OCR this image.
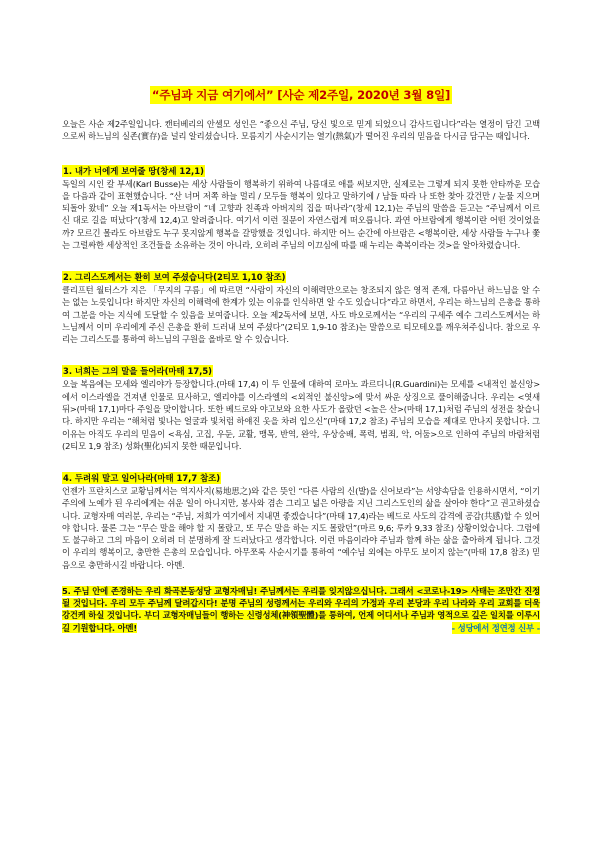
“주님과 지금 여기에서” [사순 제2주일, 2020년 3월 8일]

오늘은 사순 제2주일입니다. 캔터베리의 안셀모 성인은 “좋으신 주님, 당신 빛으로 믿게 되었으니 감사드립니다”라는 열정이 담긴 고백으로써 하느님의 실존(實存)을 널리 알리셨습니다. 모름지기 사순시기는 열기(熱氣)가 떨어진 우리의 믿음을 다시금 담구는 때입니다.

1. 내가 너에게 보여줄 땅(창세 12,1)

독일의 시인 칼 부세(Karl Busse)는 세상 사람들이 행복하기 위하여 나름대로 애를 써보지만, 실제로는 그렇게 되지 못한 안타까운 모습을 다음과 같이 표현했습니다. “산 너머 저쪽 하늘 멀리 / 모두들 행복이 있다고 말하기에 / 남들 따라 나 또한 찾아 갔건만 / 눈물 지으며 되돌아 왔네” 오늘 제1독서는 아브람이 “네 고향과 친족과 아버지의 집을 떠나라”(창세 12,1)는 주님의 말씀을 듣고는 “주님께서 이르신 대로 길을 떠났다”(창세 12,4)고 알려줍니다. 여기서 이런 질문이 자연스럽게 떠오릅니다. 과연 아브람에게 행복이란 어떤 것이었을까? 모르긴 몰라도 아브람도 누구 못지않게 행복을 갈망했을 것입니다. 하지만 어느 순간에 아브람은 <행복이란, 세상 사람들 누구나 쫓는 그럴싸한 세상적인 조건들을 소유하는 것이 아니라, 오히려 주님의 이끄심에 따를 때 누리는 축복이라는 것>을 알아차렸습니다.

2. 그리스도께서는 환히 보여 주셨습니다(2티모 1,10 참조)

클리프턴 월터스가 지은 「무지의 구름」에 따르면 “사람이 자신의 이해력만으로는 창조되지 않은 영적 존재, 다름아닌 하느님을 알 수는 없는 노릇입니다! 하지만 자신의 이해력에 한계가 있는 이유를 인식하면 알 수도 있습니다”라고 하면서, 우리는 하느님의 은총을 통하여 그분을 아는 지식에 도달할 수 있음을 보여줍니다. 오늘 제2독서에 보면, 사도 바오로께서는 “우리의 구세주 예수 그리스도께서는 하느님께서 이미 우리에게 주신 은총을 환히 드러내 보여 주셨다”(2티모 1,9-10 참조)는 말씀으로 티모테오를 깨우쳐주십니다. 참으로 우리는 그리스도를 통하여 하느님의 구원을 올바로 알 수 있습니다.

3. 너희는 그의 말을 들어라(마태 17,5)

오늘 복음에는 모세와 엘리야가 등장합니다.(마태 17,4) 이 두 인물에 대하여 로마노 과르디니(R.Guardini)는 모세를 <내적인 불신앙>에서 이스라엘을 건져낸 인물로 묘사하고, 엘리야를 이스라엘의 <외적인 불신앙>에 맞서 싸운 상징으로 풀이해줍니다. 우리는 <엿새 뒤>(마태 17,1)마다 주일을 맞이합니다. 또한 베드로와 야고보와 요한 사도가 올랐던 <높은 산>(마태 17,1)처럼 주님의 성전을 찾습니다. 하지만 우리는 “해처럼 빛나는 얼굴과 빛처럼 하얘진 옷을 차려 입으신”(마태 17,2 참조) 주님의 모습을 제대로 만나지 못합니다. 그 이유는 아직도 우리의 믿음이 <욕심, 고집, 우둔, 교활, 맹목, 반역, 완악, 우상숭배, 폭력, 범죄, 악, 어둠>으로 인하여 주님의 바람처럼(2티모 1,9 참조) 성화(聖化)되지 못한 때문입니다.

4. 두려워 말고 일어나라(마태 17,7 참조)

언젠가 프란치스코 교황님께서는 역지사지(易地思之)와 같은 뜻인 “다른 사람의 신(발)을 신어보라”는 서양속담을 인용하시면서, “이기주의에 노예가 된 우리에게는 쉬운 일이 아니지만, 봉사와 겸손 그리고 넓은 아량을 지닌 그리스도인의 삶을 살아야 한다”고 권고하셨습니다. 교형자매 여러분, 우리는 “주님, 저희가 여기에서 지내면 좋겠습니다”(마태 17,4)라는 베드로 사도의 감격에 공감(共感)할 수 있어야 합니다. 물론 그는 “무슨 말을 해야 할 지 몰랐고, 또 무슨 말을 하는 지도 몰랐던”(마르 9,6; 루카 9,33 참조) 상황이었습니다. 그럼에도 불구하고 그의 마음이 오히려 더 분명하게 잘 드러났다고 생각합니다. 이런 마음이라야 주님과 함께 하는 삶을 출아하게 됩니다. 그것이 우리의 행복이고, 충만한 은총의 모습입니다. 아무쪼록 사순시기를 통하여 “예수님 외에는 아무도 보이지 않는”(마태 17,8 참조) 믿음으로 충만하시길 바랍니다. 아멘.

5. 주님 안에 존경하는 우리 화곡본동성당 교형자매님! 주님께서는 우리를 잊지않으십니다. 그래서 <코로나-19> 사태는 조만간 진정될 것입니다. 우리 모두 주님께 달려갑시다! 분명 주님의 성령께서는 우리와 우리의 가정과 우리 본당과 우리 나라와 우리 교회를 더욱 강건케 하실 것입니다. 부디 교형자매님들이 행하는 신령성체(神領聖體)를 통하여, 언제 어디서나 주님과 영적으로 깊은 일치를 이루시길 기원합니다. 아멘!	- 성당에서 정연정 신부 -
